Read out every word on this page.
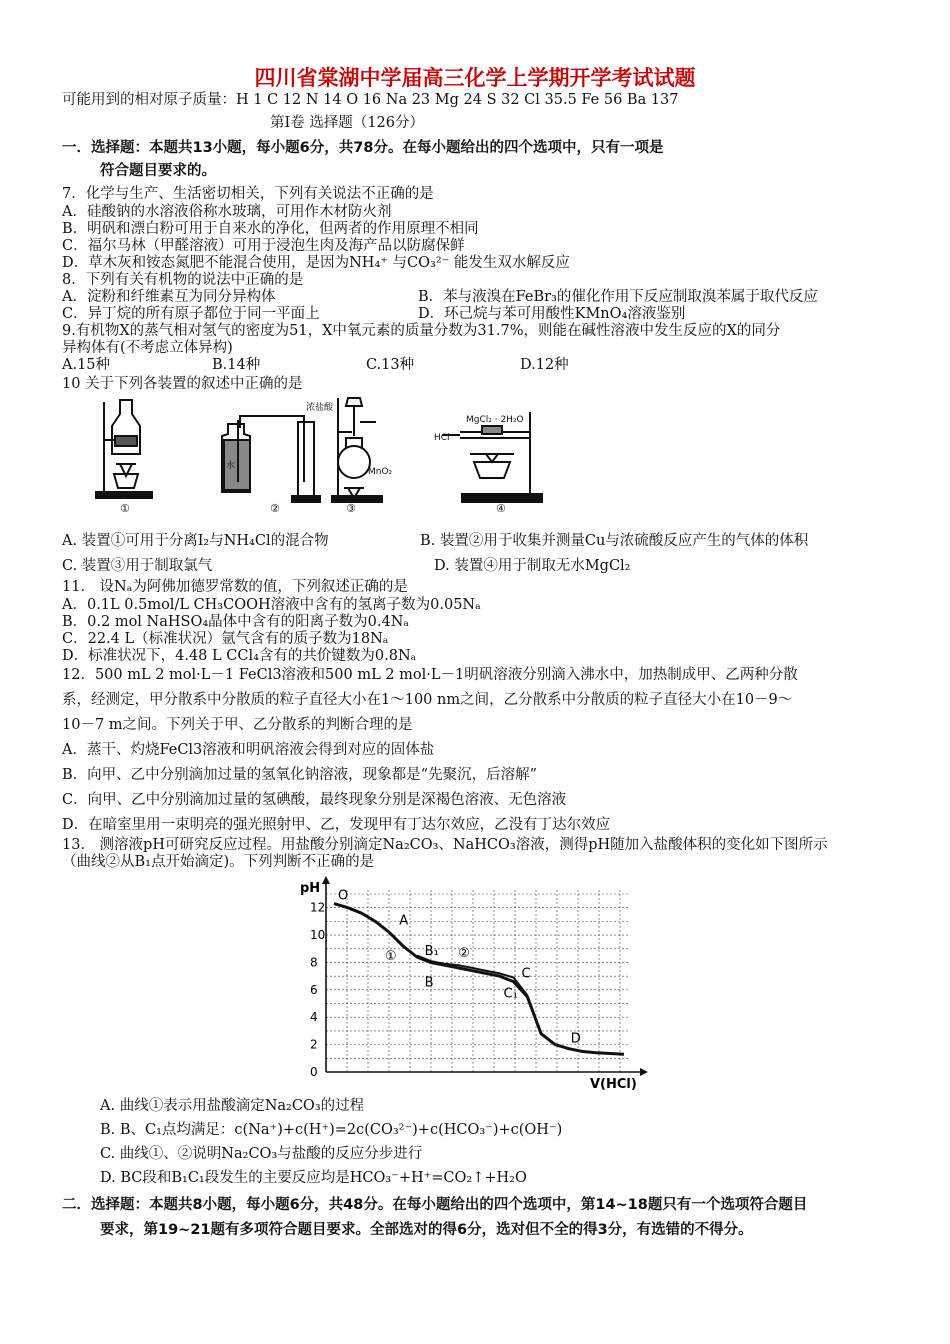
四川省棠湖中学届高三化学上学期开学考试试题
可能用到的相对原子质量：H 1 C 12 N 14 O 16 Na 23 Mg 24 S 32 Cl 35.5 Fe 56 Ba 137
第Ⅰ卷 选择题（126分）
一．选择题：本题共13小题，每小题6分，共78分。在每小题给出的四个选项中，只有一项是
符合题目要求的。
7．化学与生产、生活密切相关，下列有关说法不正确的是
A．硅酸钠的水溶液俗称水玻璃，可用作木材防火剂
B．明矾和漂白粉可用于自来水的净化，但两者的作用原理不相同
C．福尔马林（甲醛溶液）可用于浸泡生肉及海产品以防腐保鲜
D．草木灰和铵态氮肥不能混合使用，是因为NH₄⁺ 与CO₃²⁻ 能发生双水解反应
8．下列有关有机物的说法中正确的是
A．淀粉和纤维素互为同分异构体	B．苯与液溴在FeBr₃的催化作用下反应制取溴苯属于取代反应
C．异丁烷的所有原子都位于同一平面上	D．环己烷与苯可用酸性KMnO₄溶液鉴别
9.有机物X的蒸气相对氢气的密度为51，X中氧元素的质量分数为31.7%，则能在碱性溶液中发生反应的X的同分
异构体有(不考虑立体异构)
A.15种	B.14种	C.13种	D.12种
10 关于下列各装置的叙述中正确的是
浓盐酸
水
MnO₂
MgCl₂ · 2H₂O
HCl
①	②	③	④
A. 装置①可用于分离I₂与NH₄Cl的混合物	B. 装置②用于收集并测量Cu与浓硫酸反应产生的气体的体积
C. 装置③用于制取氯气	D. 装置④用于制取无水MgCl₂
11． 设Nₐ为阿佛加德罗常数的值，下列叙述正确的是
A．0.1L 0.5mol/L CH₃COOH溶液中含有的氢离子数为0.05Nₐ
B．0.2 mol NaHSO₄晶体中含有的阳离子数为0.4Nₐ
C．22.4 L（标准状况）氩气含有的质子数为18Nₐ
D．标准状况下，4.48 L CCl₄含有的共价键数为0.8Nₐ
12．500 mL 2 mol·L－1 FeCl3溶液和500 mL 2 mol·L－1明矾溶液分别滴入沸水中，加热制成甲、乙两种分散
系，经测定，甲分散系中分散质的粒子直径大小在1～100 nm之间，乙分散系中分散质的粒子直径大小在10－9～
10－7 m之间。下列关于甲、乙分散系的判断合理的是
A．蒸干、灼烧FeCl3溶液和明矾溶液会得到对应的固体盐
B．向甲、乙中分别滴加过量的氢氧化钠溶液，现象都是“先聚沉，后溶解”
C．向甲、乙中分别滴加过量的氢碘酸，最终现象分别是深褐色溶液、无色溶液
D．在暗室里用一束明亮的强光照射甲、乙，发现甲有丁达尔效应，乙没有丁达尔效应
13． 测溶液pH可研究反应过程。用盐酸分别滴定Na₂CO₃、NaHCO₃溶液，测得pH随加入盐酸体积的变化如下图所示
（曲线②从B₁点开始滴定)。下列判断不正确的是
pH
V(HCl)
0
2
4
6
8
10
12
O
A
B₁
B
C
C₁
D
①	②
A. 曲线①表示用盐酸滴定Na₂CO₃的过程
B. B、C₁点均满足：c(Na⁺)+c(H⁺)=2c(CO₃²⁻)+c(HCO₃⁻)+c(OH⁻)
C. 曲线①、②说明Na₂CO₃与盐酸的反应分步进行
D. BC段和B₁C₁段发生的主要反应均是HCO₃⁻+H⁺=CO₂↑+H₂O
二．选择题：本题共8小题，每小题6分，共48分。在每小题给出的四个选项中，第14~18题只有一个选项符合题目
要求，第19~21题有多项符合题目要求。全部选对的得6分，选对但不全的得3分，有选错的不得分。
